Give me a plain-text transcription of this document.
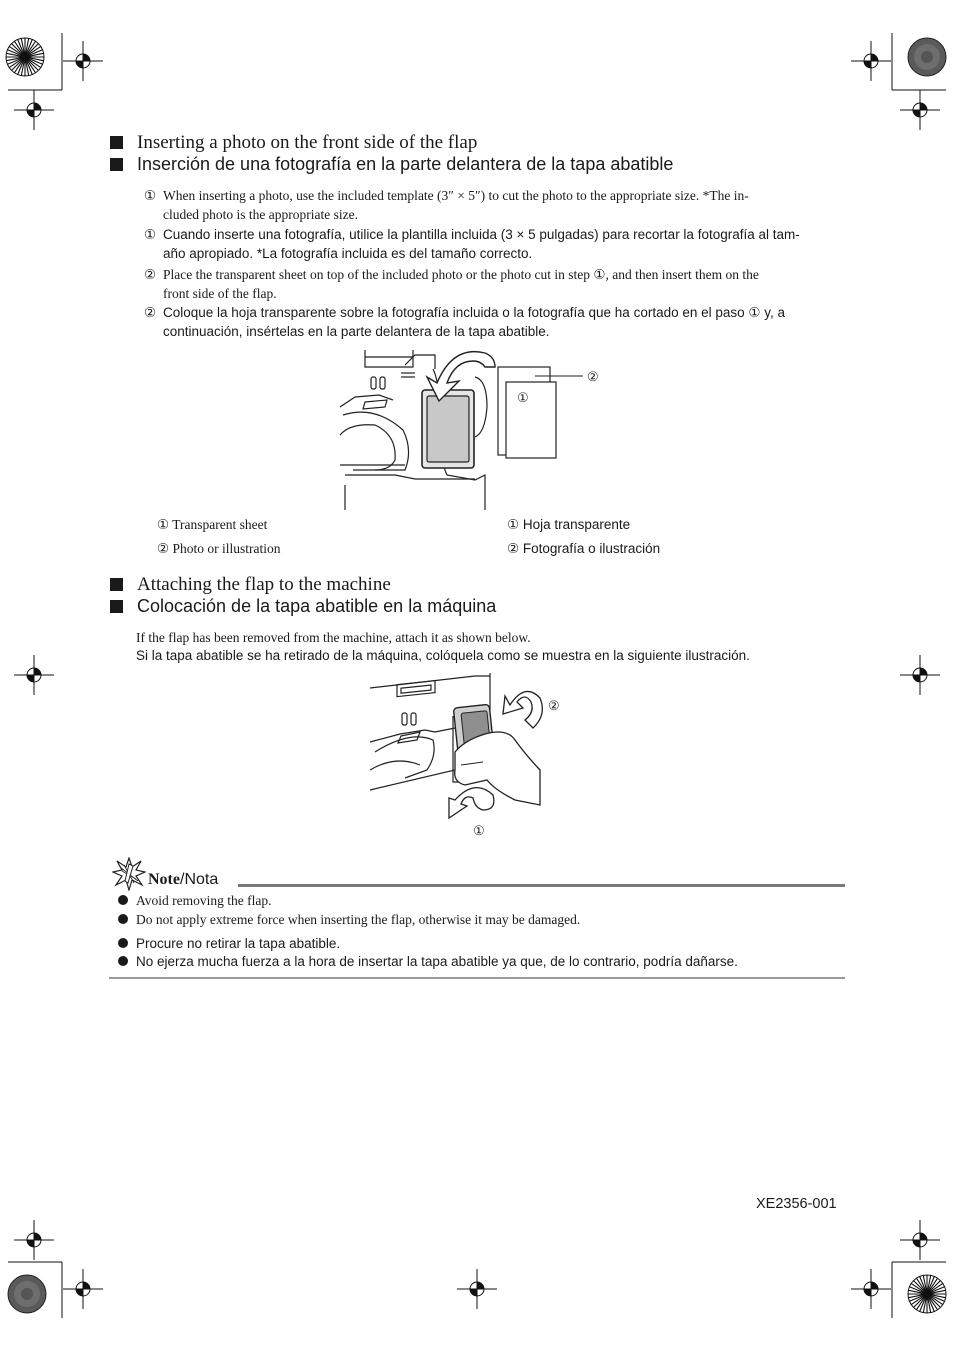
Inserting a photo on the front side of the flap
Inserción de una fotografía en la parte delantera de la tapa abatible
① When inserting a photo, use the included template (3″ × 5″) to cut the photo to the appropriate size. *The in-
cluded photo is the appropriate size.
① Cuando inserte una fotografía, utilice la plantilla incluida (3 × 5 pulgadas) para recortar la fotografía al tam-
año apropiado. *La fotografía incluida es del tamaño correcto.
② Place the transparent sheet on top of the included photo or the photo cut in step ①, and then insert them on the
front side of the flap.
② Coloque la hoja transparente sobre la fotografía incluida o la fotografía que ha cortado en el paso ① y, a
continuación, insértelas en la parte delantera de la tapa abatible.
②
①
① Transparent sheet
② Photo or illustration
① Hoja transparente
② Fotografía o ilustración
Attaching the flap to the machine
Colocación de la tapa abatible en la máquina
If the flap has been removed from the machine, attach it as shown below.
Si la tapa abatible se ha retirado de la máquina, colóquela como se muestra en la siguiente ilustración.
②
①
Note/Nota
Avoid removing the flap.
Do not apply extreme force when inserting the flap, otherwise it may be damaged.
Procure no retirar la tapa abatible.
No ejerza mucha fuerza a la hora de insertar la tapa abatible ya que, de lo contrario, podría dañarse.
XE2356-001
